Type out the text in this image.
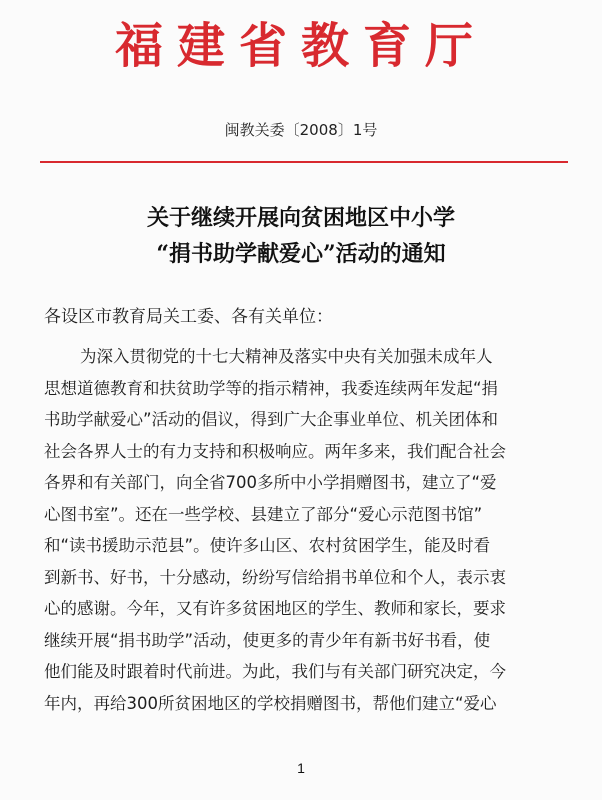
福建省教育厅
闽教关委〔2008〕1号
关于继续开展向贫困地区中小学
“捐书助学献爱心”活动的通知
各设区市教育局关工委、各有关单位：
为深入贯彻党的十七大精神及落实中央有关加强未成年人
思想道德教育和扶贫助学等的指示精神，我委连续两年发起“捐
书助学献爱心”活动的倡议，得到广大企事业单位、机关团体和
社会各界人士的有力支持和积极响应。两年多来，我们配合社会
各界和有关部门，向全省700多所中小学捐赠图书，建立了“爱
心图书室”。还在一些学校、县建立了部分“爱心示范图书馆”
和“读书援助示范县”。使许多山区、农村贫困学生，能及时看
到新书、好书，十分感动，纷纷写信给捐书单位和个人，表示衷
心的感谢。今年，又有许多贫困地区的学生、教师和家长，要求
继续开展“捐书助学”活动，使更多的青少年有新书好书看，使
他们能及时跟着时代前进。为此，我们与有关部门研究决定，今
年内，再给300所贫困地区的学校捐赠图书，帮他们建立“爱心
1
